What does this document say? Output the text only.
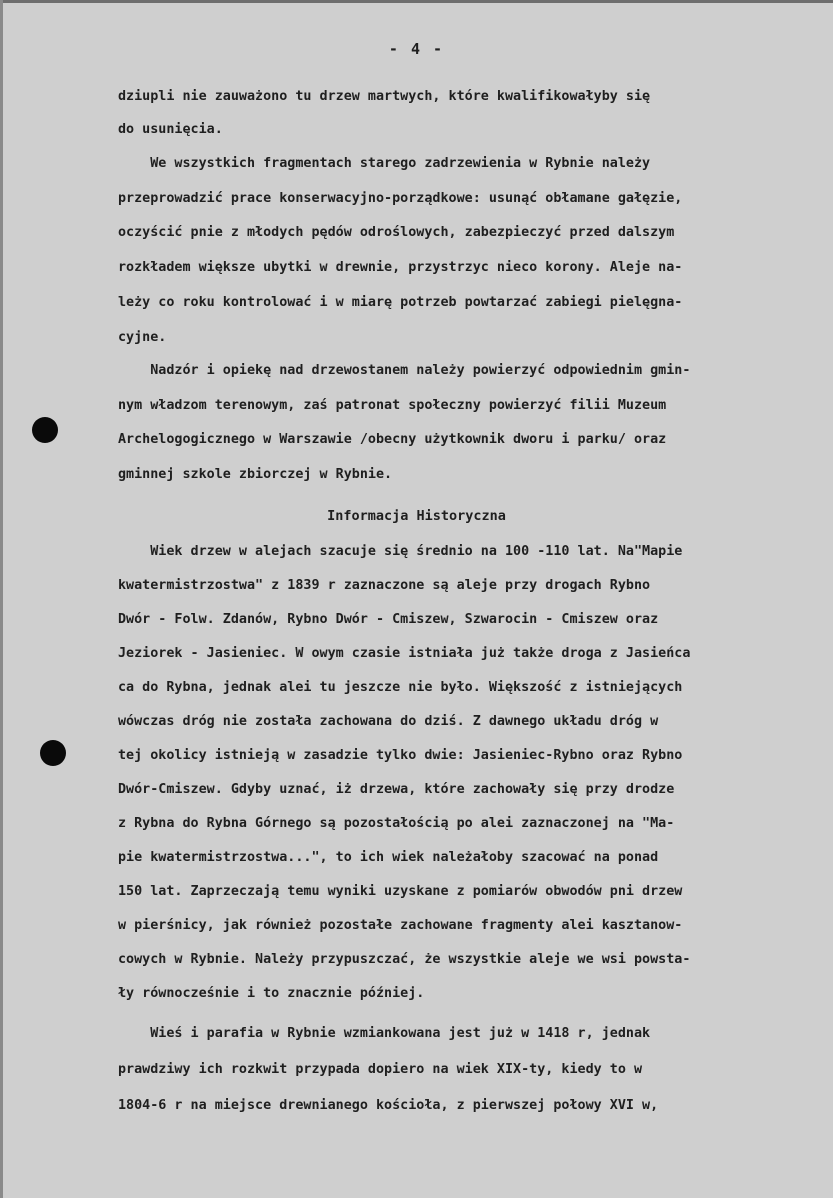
- 4 -
dziupli nie zauważono tu drzew martwych, które kwalifikowałyby się
do usunięcia.
We wszystkich fragmentach starego zadrzewienia w Rybnie należy
przeprowadzić prace konserwacyjno-porządkowe: usunąć obłamane gałęzie,
oczyścić pnie z młodych pędów odroślowych, zabezpieczyć przed dalszym
rozkładem większe ubytki w drewnie, przystrzyc nieco korony. Aleje na-
leży co roku kontrolować i w miarę potrzeb powtarzać zabiegi pielęgna-
cyjne.
Nadzór i opiekę nad drzewostanem należy powierzyć odpowiednim gmin-
nym władzom terenowym, zaś patronat społeczny powierzyć filii Muzeum
Archelogogicznego w Warszawie /obecny użytkownik dworu i parku/ oraz
gminnej szkole zbiorczej w Rybnie.
Informacja Historyczna
Wiek drzew w alejach szacuje się średnio na 100 -110 lat. Na"Mapie
kwatermistrzostwa" z 1839 r zaznaczone są aleje przy drogach Rybno
Dwór - Folw. Zdanów, Rybno Dwór - Cmiszew, Szwarocin - Cmiszew oraz
Jeziorek - Jasieniec. W owym czasie istniała już także droga z Jasieńca
ca do Rybna, jednak alei tu jeszcze nie było. Większość z istniejących
wówczas dróg nie została zachowana do dziś. Z dawnego układu dróg w
tej okolicy istnieją w zasadzie tylko dwie: Jasieniec-Rybno oraz Rybno
Dwór-Cmiszew. Gdyby uznać, iż drzewa, które zachowały się przy drodze
z Rybna do Rybna Górnego są pozostałością po alei zaznaczonej na "Ma-
pie kwatermistrzostwa...", to ich wiek należałoby szacować na ponad
150 lat. Zaprzeczają temu wyniki uzyskane z pomiarów obwodów pni drzew
w pierśnicy, jak również pozostałe zachowane fragmenty alei kasztanow-
cowych w Rybnie. Należy przypuszczać, że wszystkie aleje we wsi powsta-
ły równocześnie i to znacznie później.
Wieś i parafia w Rybnie wzmiankowana jest już w 1418 r, jednak
prawdziwy ich rozkwit przypada dopiero na wiek XIX-ty, kiedy to w
1804-6 r na miejsce drewnianego kościoła, z pierwszej połowy XVI w,
